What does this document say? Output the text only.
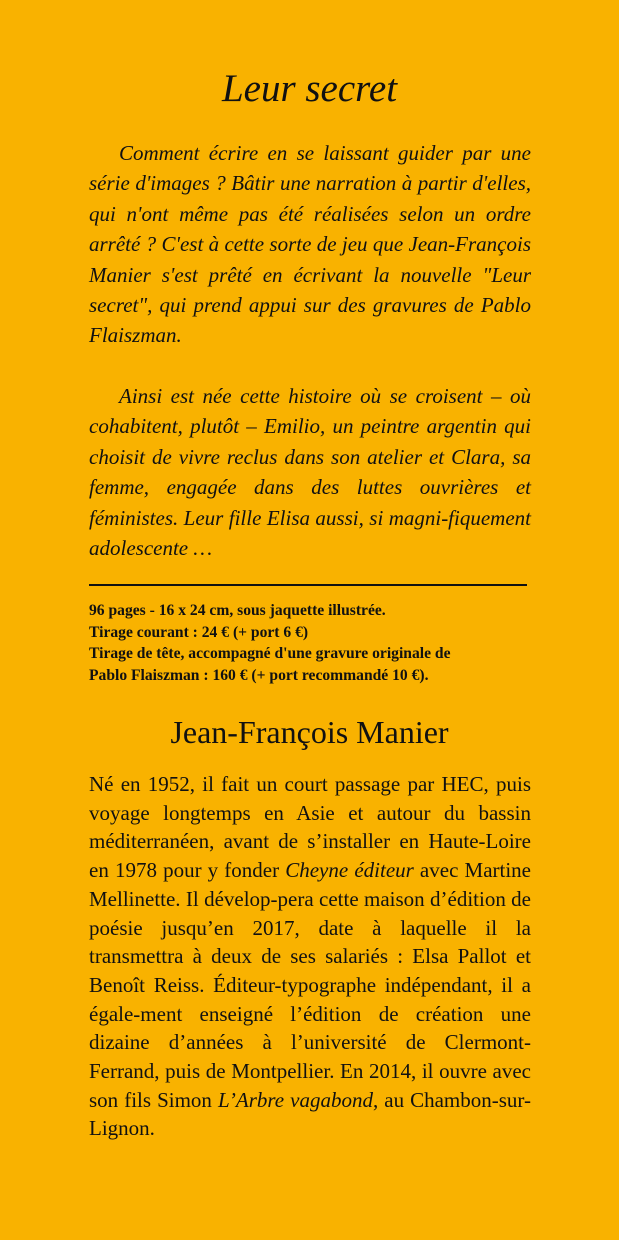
Leur secret

Comment écrire en se laissant guider par une série d'images ? Bâtir une narration à partir d'elles, qui n'ont même pas été réalisées selon un ordre arrêté ? C'est à cette sorte de jeu que Jean-François Manier s'est prêté en écrivant la nouvelle "Leur secret", qui prend appui sur des gravures de Pablo Flaiszman.

Ainsi est née cette histoire où se croisent – où cohabitent, plutôt – Emilio, un peintre argentin qui choisit de vivre reclus dans son atelier et Clara, sa femme, engagée dans des luttes ouvrières et féministes. Leur fille Elisa aussi, si magni-fiquement adolescente …

96 pages - 16 x 24 cm, sous jaquette illustrée.
Tirage courant : 24 € (+ port 6 €)
Tirage de tête, accompagné d'une gravure originale de
Pablo Flaiszman : 160 € (+ port recommandé 10 €).
Jean-François Manier

Né en 1952, il fait un court passage par HEC, puis voyage longtemps en Asie et autour du bassin méditerranéen, avant de s’installer en Haute-Loire en 1978 pour y fonder Cheyne éditeur avec Martine Mellinette. Il dévelop-pera cette maison d’édition de poésie jusqu’en 2017, date à laquelle il la transmettra à deux de ses salariés : Elsa Pallot et Benoît Reiss. Éditeur-typographe indépendant, il a égale-ment enseigné l’édition de création une dizaine d’années à l’université de Clermont-Ferrand, puis de Montpellier. En 2014, il ouvre avec son fils Simon L’Arbre vagabond, au Chambon-sur-Lignon.
